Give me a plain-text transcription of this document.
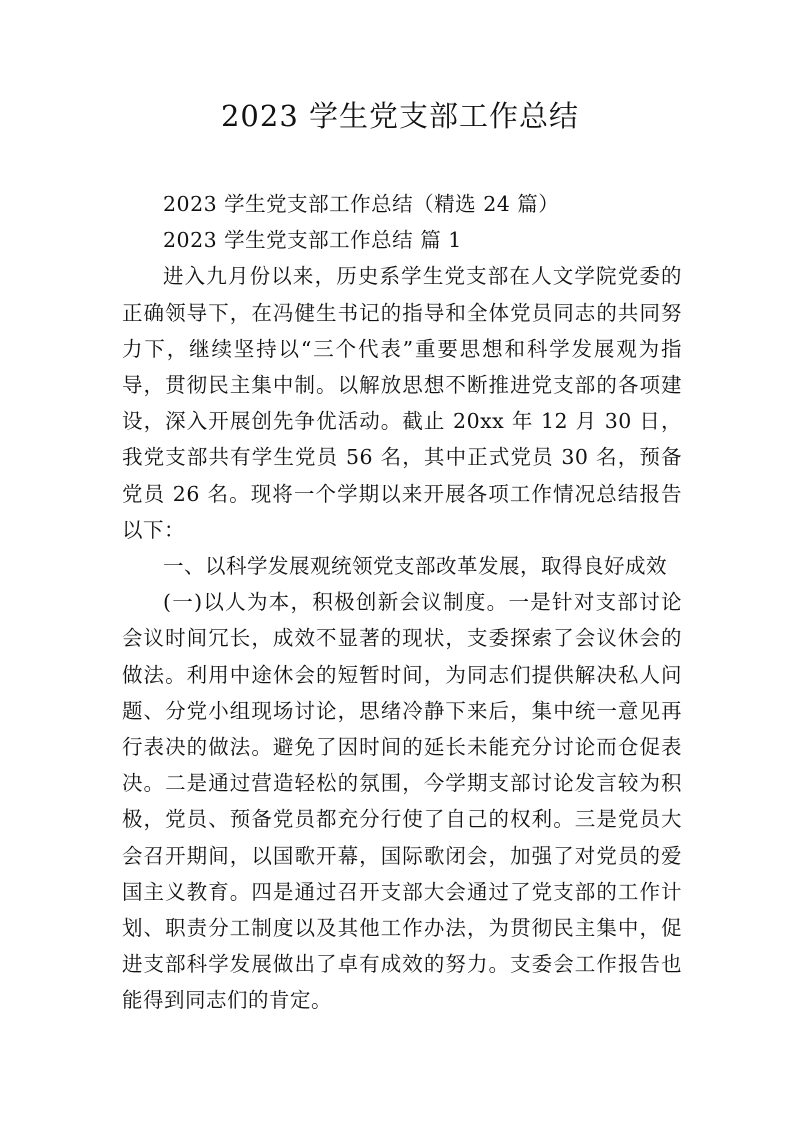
2023 学生党支部工作总结

2023 学生党支部工作总结（精选 24 篇）

2023 学生党支部工作总结 篇 1

进入九月份以来，历史系学生党支部在人文学院党委的正确领导下，在冯健生书记的指导和全体党员同志的共同努力下，继续坚持以“三个代表”重要思想和科学发展观为指导，贯彻民主集中制。以解放思想不断推进党支部的各项建设，深入开展创先争优活动。截止 20xx 年 12 月 30 日，我党支部共有学生党员 56 名，其中正式党员 30 名，预备党员 26 名。现将一个学期以来开展各项工作情况总结报告以下：

一、以科学发展观统领党支部改革发展，取得良好成效

(一)以人为本，积极创新会议制度。一是针对支部讨论会议时间冗长，成效不显著的现状，支委探索了会议休会的做法。利用中途休会的短暂时间，为同志们提供解决私人问题、分党小组现场讨论，思绪冷静下来后，集中统一意见再行表决的做法。避免了因时间的延长未能充分讨论而仓促表决。二是通过营造轻松的氛围，今学期支部讨论发言较为积极，党员、预备党员都充分行使了自己的权利。三是党员大会召开期间，以国歌开幕，国际歌闭会，加强了对党员的爱国主义教育。四是通过召开支部大会通过了党支部的工作计划、职责分工制度以及其他工作办法，为贯彻民主集中，促进支部科学发展做出了卓有成效的努力。支委会工作报告也能得到同志们的肯定。
